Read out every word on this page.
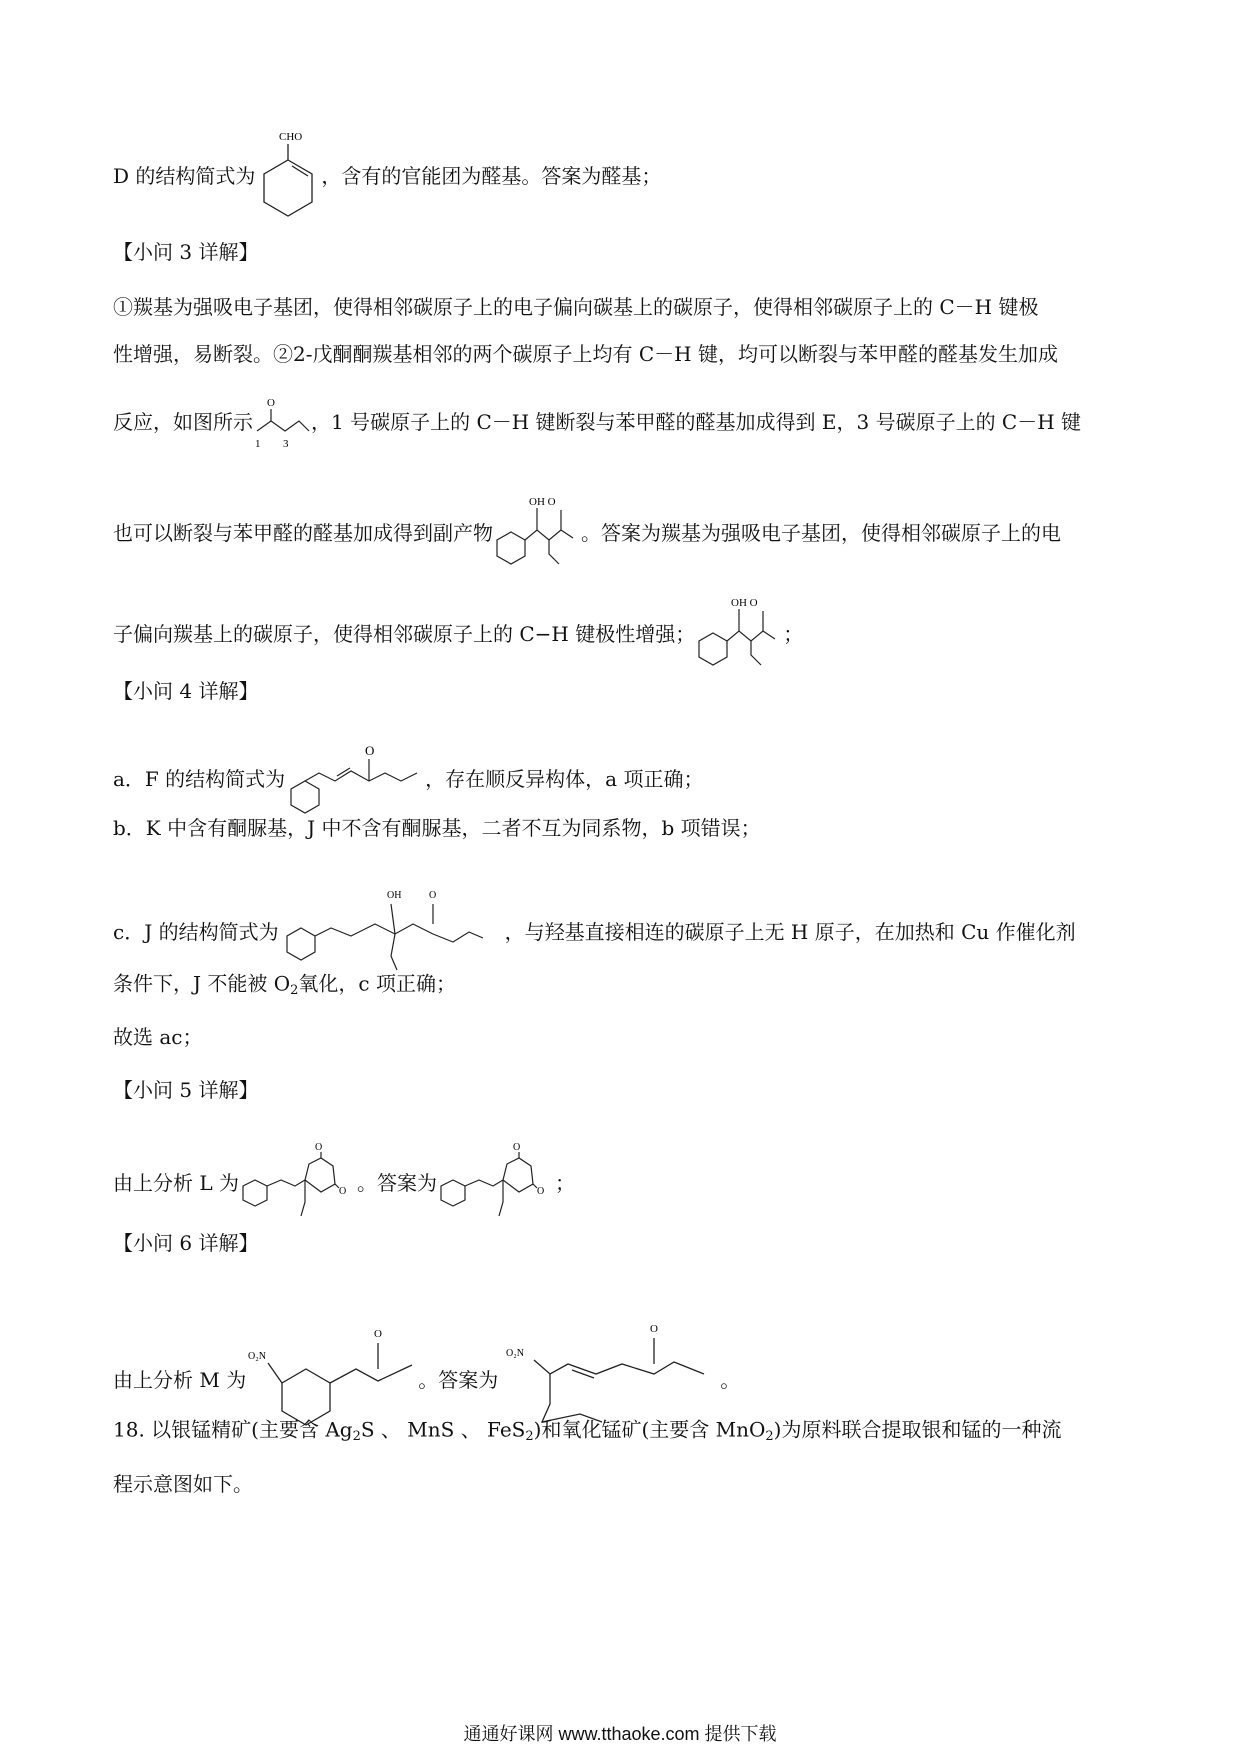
D 的结构简式为
CHO
，含有的官能团为醛基。答案为醛基；
【小问 3 详解】
①羰基为强吸电子基团，使得相邻碳原子上的电子偏向碳基上的碳原子，使得相邻碳原子上的 C－H 键极
性增强，易断裂。②2-戊酮酮羰基相邻的两个碳原子上均有 C－H 键，均可以断裂与苯甲醛的醛基发生加成
反应，如图所示
O
1 3
，1 号碳原子上的 C－H 键断裂与苯甲醛的醛基加成得到 E，3 号碳原子上的 C－H 键
也可以断裂与苯甲醛的醛基加成得到副产物
OH O
。答案为羰基为强吸电子基团，使得相邻碳原子上的电
子偏向羰基上的碳原子，使得相邻碳原子上的 C−H 键极性增强；
OH O
；
【小问 4 详解】
a．F 的结构简式为
O
，存在顺反异构体，a 项正确；
b．K 中含有酮脲基，J 中不含有酮脲基，二者不互为同系物，b 项错误；
c．J 的结构简式为
OH	O
，与羟基直接相连的碳原子上无 H 原子，在加热和 Cu 作催化剂
条件下，J 不能被 $O_2$氧化，c 项正确；
故选 ac；
【小问 5 详解】
由上分析 L 为
O
O 。答案为
O
O ；
【小问 6 详解】
由上分析 M 为
O₂N
O
。答案为
O₂N
O
。
18. 以银锰精矿(主要含 $Ag_2S$ 、 MnS 、 FeS$_2$)和氧化锰矿(主要含 MnO$_2$)为原料联合提取银和锰的一种流
程示意图如下。
通通好课网 www.tthaoke.com 提供下载
